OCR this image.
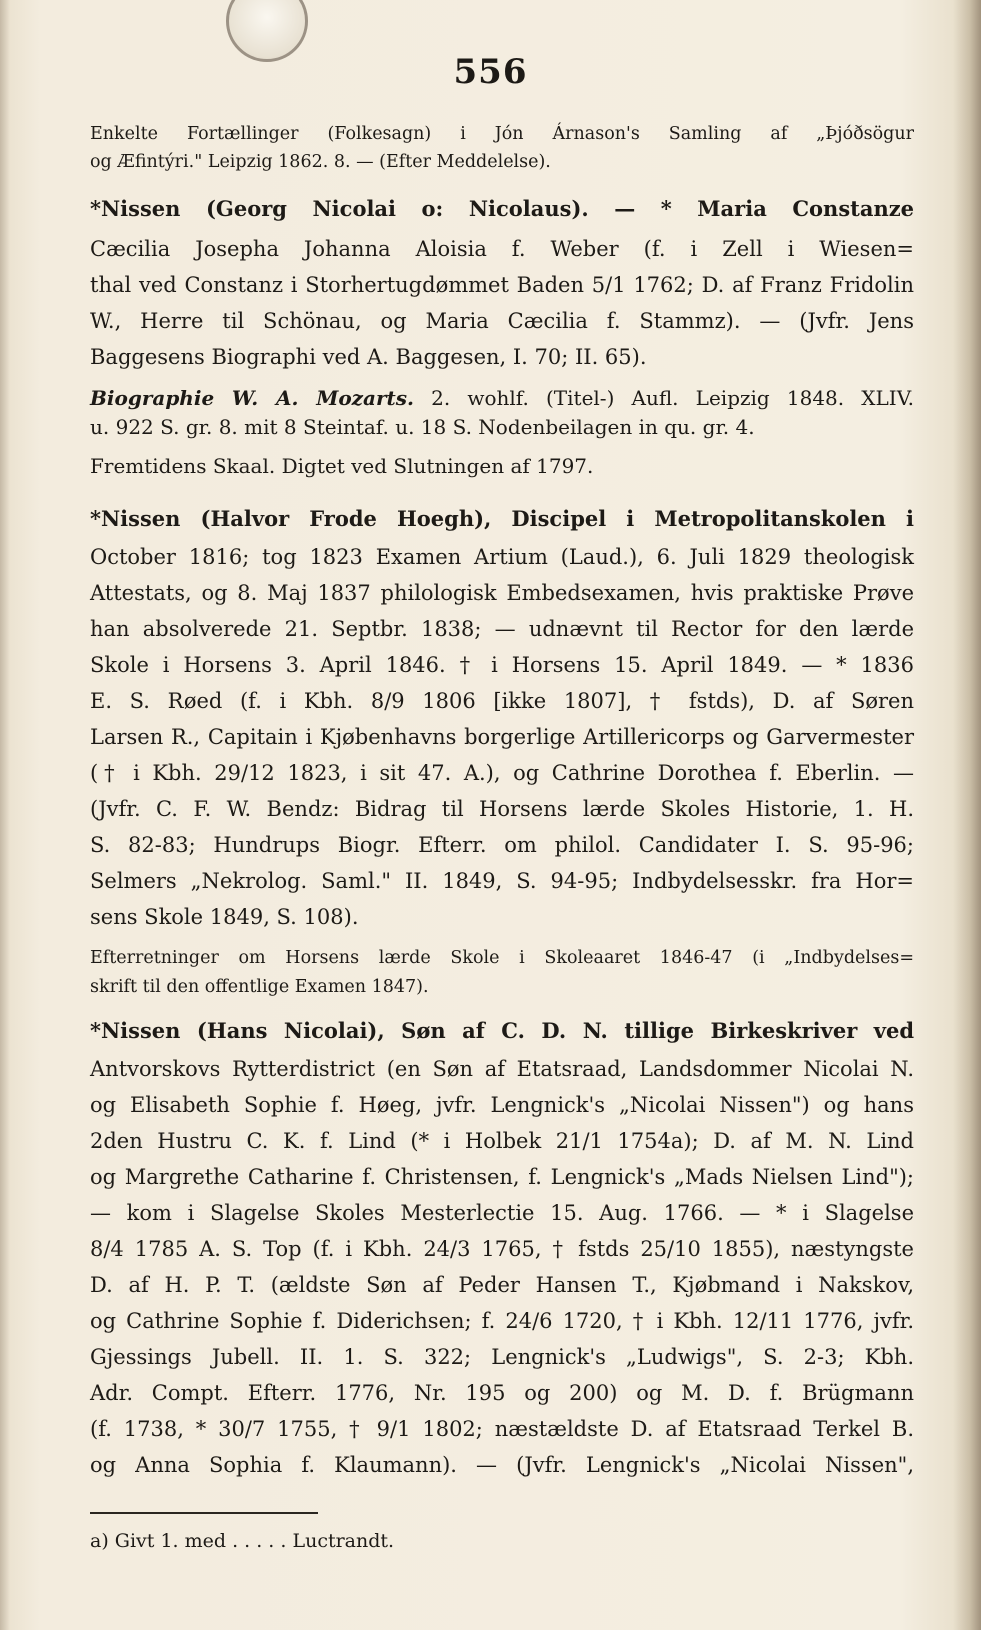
556
Enkelte Fortællinger (Folkesagn) i Jón Árnason's Samling af „Þjóðsögur
og Æfintýri." Leipzig 1862. 8. — (Efter Meddelelse).
*Nissen (Georg Nicolai o: Nicolaus). — * Maria Constanze
Cæcilia Josepha Johanna Aloisia f. Weber (f. i Zell i Wiesen=
thal ved Constanz i Storhertugdømmet Baden 5/1 1762; D. af Franz Fridolin
W., Herre til Schönau, og Maria Cæcilia f. Stammz). — (Jvfr. Jens
Baggesens Biographi ved A. Baggesen, I. 70; II. 65).
Biographie W. A. Mozarts. 2. wohlf. (Titel-) Aufl. Leipzig 1848. XLIV.
u. 922 S. gr. 8. mit 8 Steintaf. u. 18 S. Nodenbeilagen in qu. gr. 4.
Fremtidens Skaal. Digtet ved Slutningen af 1797.
*Nissen (Halvor Frode Hoegh), Discipel i Metropolitanskolen i
October 1816; tog 1823 Examen Artium (Laud.), 6. Juli 1829 theologisk
Attestats, og 8. Maj 1837 philologisk Embedsexamen, hvis praktiske Prøve
han absolverede 21. Septbr. 1838; — udnævnt til Rector for den lærde
Skole i Horsens 3. April 1846. † i Horsens 15. April 1849. — * 1836
E. S. Røed (f. i Kbh. 8/9 1806 [ikke 1807], † fstds), D. af Søren
Larsen R., Capitain i Kjøbenhavns borgerlige Artillericorps og Garvermester
(† i Kbh. 29/12 1823, i sit 47. A.), og Cathrine Dorothea f. Eberlin. —
(Jvfr. C. F. W. Bendz: Bidrag til Horsens lærde Skoles Historie, 1. H.
S. 82-83; Hundrups Biogr. Efterr. om philol. Candidater I. S. 95-96;
Selmers „Nekrolog. Saml." II. 1849, S. 94-95; Indbydelsesskr. fra Hor=
sens Skole 1849, S. 108).
Efterretninger om Horsens lærde Skole i Skoleaaret 1846-47 (i „Indbydelses=
skrift til den offentlige Examen 1847).
*Nissen (Hans Nicolai), Søn af C. D. N. tillige Birkeskriver ved
Antvorskovs Rytterdistrict (en Søn af Etatsraad, Landsdommer Nicolai N.
og Elisabeth Sophie f. Høeg, jvfr. Lengnick's „Nicolai Nissen") og hans
2den Hustru C. K. f. Lind (* i Holbek 21/1 1754a); D. af M. N. Lind
og Margrethe Catharine f. Christensen, f. Lengnick's „Mads Nielsen Lind");
— kom i Slagelse Skoles Mesterlectie 15. Aug. 1766. — * i Slagelse
8/4 1785 A. S. Top (f. i Kbh. 24/3 1765, † fstds 25/10 1855), næstyngste
D. af H. P. T. (ældste Søn af Peder Hansen T., Kjøbmand i Nakskov,
og Cathrine Sophie f. Diderichsen; f. 24/6 1720, † i Kbh. 12/11 1776, jvfr.
Gjessings Jubell. II. 1. S. 322; Lengnick's „Ludwigs", S. 2-3; Kbh.
Adr. Compt. Efterr. 1776, Nr. 195 og 200) og M. D. f. Brügmann
(f. 1738, * 30/7 1755, † 9/1 1802; næstældste D. af Etatsraad Terkel B.
og Anna Sophia f. Klaumann). — (Jvfr. Lengnick's „Nicolai Nissen",
a) Givt 1. med . . . . . Luctrandt.
